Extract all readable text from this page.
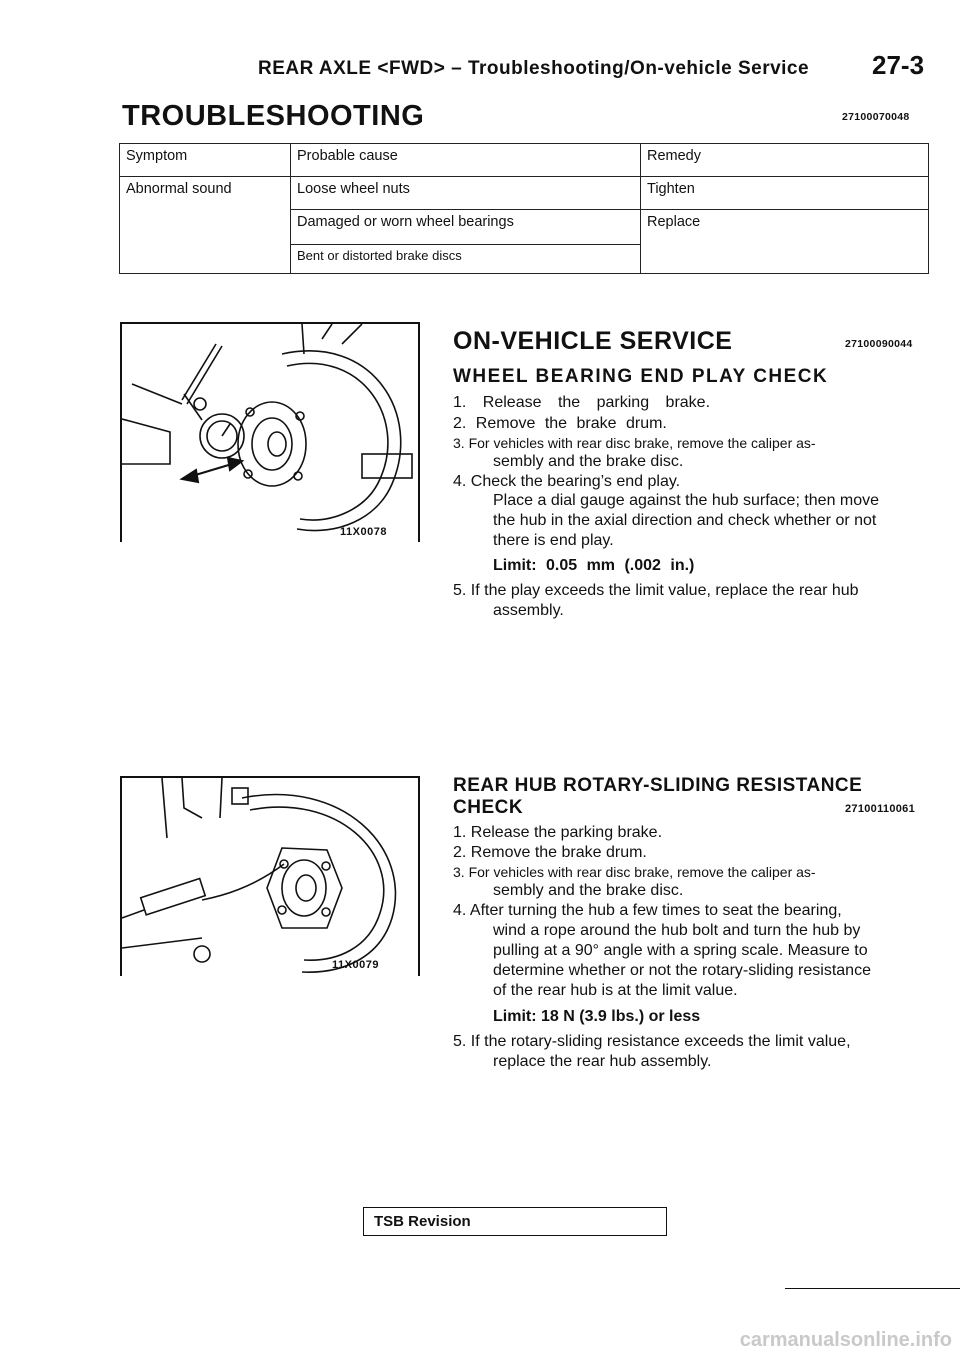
REAR AXLE <FWD> – Troubleshooting/On-vehicle Service 27-3
TROUBLESHOOTING	27100070048
Symptom	Probable cause	Remedy
Abnormal sound	Loose wheel nuts	Tighten
	Damaged or worn wheel bearings	Replace
	Bent or distorted brake discs	
11X0078
11X0079
ON-VEHICLE SERVICE	27100090044
WHEEL BEARING END PLAY CHECK
1. Release the parking brake.
2. Remove the brake drum.
3. For vehicles with rear disc brake, remove the caliper as-
sembly and the brake disc.
4. Check the bearing’s end play.
Place a dial gauge against the hub surface; then move
the hub in the axial direction and check whether or not
there is end play.
Limit: 0.05 mm (.002 in.)
5. If the play exceeds the limit value, replace the rear hub
assembly.
REAR HUB ROTARY-SLIDING RESISTANCE
CHECK	27100110061
1. Release the parking brake.
2. Remove the brake drum.
3. For vehicles with rear disc brake, remove the caliper as-
sembly and the brake disc.
4. After turning the hub a few times to seat the bearing,
wind a rope around the hub bolt and turn the hub by
pulling at a 90° angle with a spring scale. Measure to
determine whether or not the rotary-sliding resistance
of the rear hub is at the limit value.
Limit: 18 N (3.9 lbs.) or less
5. If the rotary-sliding resistance exceeds the limit value,
replace the rear hub assembly.
TSB Revision
carmanualsonline.info
